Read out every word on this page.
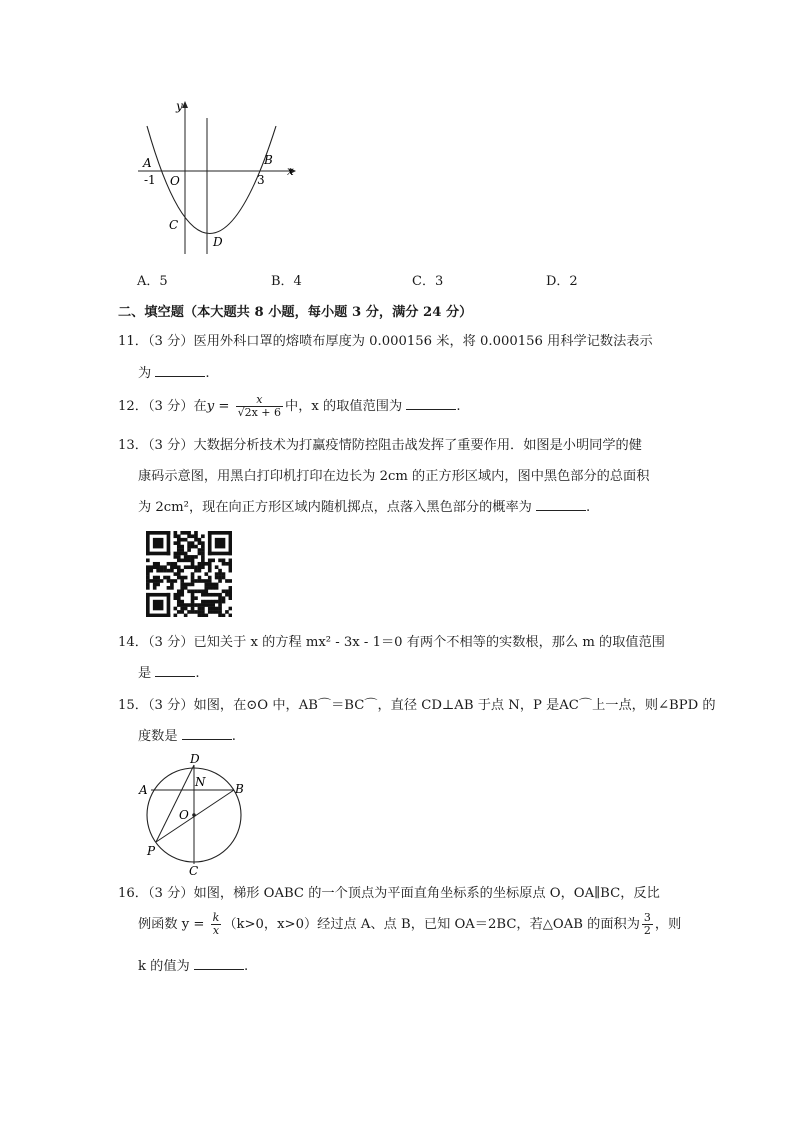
y
x
A	B
O
-1	3
C
D
A．5	B．4	C．3	D．2
二、填空题（本大题共 8 小题，每小题 3 分，满分 24 分）
11．（3 分）医用外科口罩的熔喷布厚度为 0.000156 米，将 0.000156 用科学记数法表示
为	.
12．（3 分）在$y = \frac{x}{√2x + 6}$ 中，x 的取值范围为	.
13．（3 分）大数据分析技术为打赢疫情防控阻击战发挥了重要作用．如图是小明同学的健
康码示意图，用黑白打印机打印在边长为 2cm 的正方形区域内，图中黑色部分的总面积
为 2cm²，现在向正方形区域内随机掷点，点落入黑色部分的概率为	.
14．（3 分）已知关于 x 的方程 mx² - 3x - 1＝0 有两个不相等的实数根，那么 m 的取值范围
是	.
15．（3 分）如图，在⊙O 中，AB⌒＝BC⌒，直径 CD⊥AB 于点 N，P 是AC⌒上一点，则∠BPD 的
度数是	.
D
N
A	B
O
P
C
16．（3 分）如图，梯形 OABC 的一个顶点为平面直角坐标系的坐标原点 O，OA∥BC，反比
例函数 $y = \frac{k}{x} (k>0$，x>0）经过点 A、点 B，已知 OA＝2BC，若△OAB 的面积为 $\frac{3}{2}$ ，则
k 的值为	.
